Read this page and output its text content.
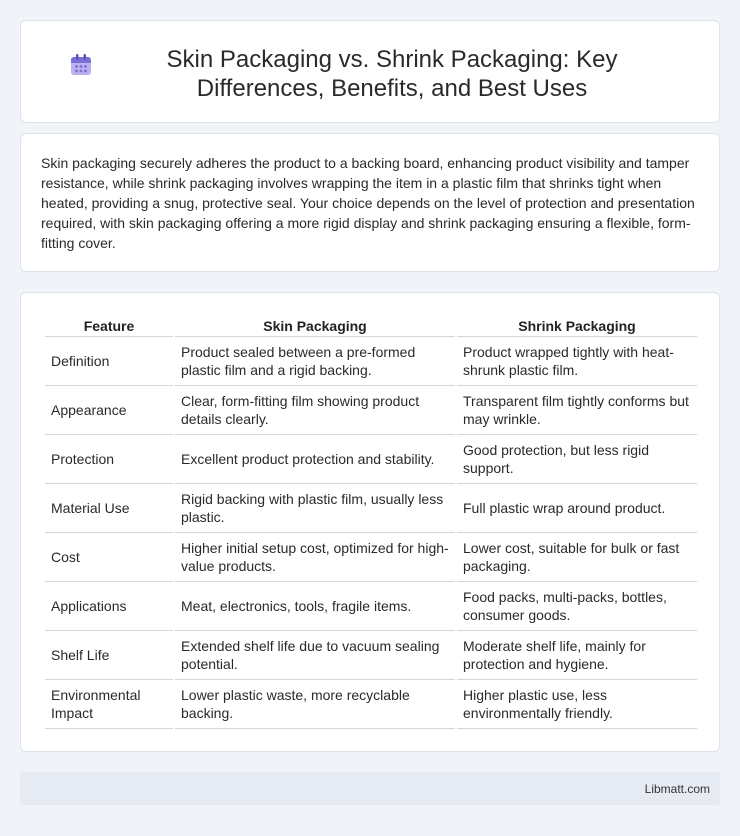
Skin Packaging vs. Shrink Packaging: Key Differences, Benefits, and Best Uses

Skin packaging securely adheres the product to a backing board, enhancing product visibility and tamper resistance, while shrink packaging involves wrapping the item in a plastic film that shrinks tight when heated, providing a snug, protective seal. Your choice depends on the level of protection and presentation required, with skin packaging offering a more rigid display and shrink packaging ensuring a flexible, form-fitting cover.

Feature	Skin Packaging	Shrink Packaging
Definition	Product sealed between a pre-formed plastic film and a rigid backing.	Product wrapped tightly with heat-shrunk plastic film.
Appearance	Clear, form-fitting film showing product details clearly.	Transparent film tightly conforms but may wrinkle.
Protection	Excellent product protection and stability.	Good protection, but less rigid support.
Material Use	Rigid backing with plastic film, usually less plastic.	Full plastic wrap around product.
Cost	Higher initial setup cost, optimized for high-value products.	Lower cost, suitable for bulk or fast packaging.
Applications	Meat, electronics, tools, fragile items.	Food packs, multi-packs, bottles, consumer goods.
Shelf Life	Extended shelf life due to vacuum sealing potential.	Moderate shelf life, mainly for protection and hygiene.
Environmental Impact	Lower plastic waste, more recyclable backing.	Higher plastic use, less environmentally friendly.
Libmatt.com
